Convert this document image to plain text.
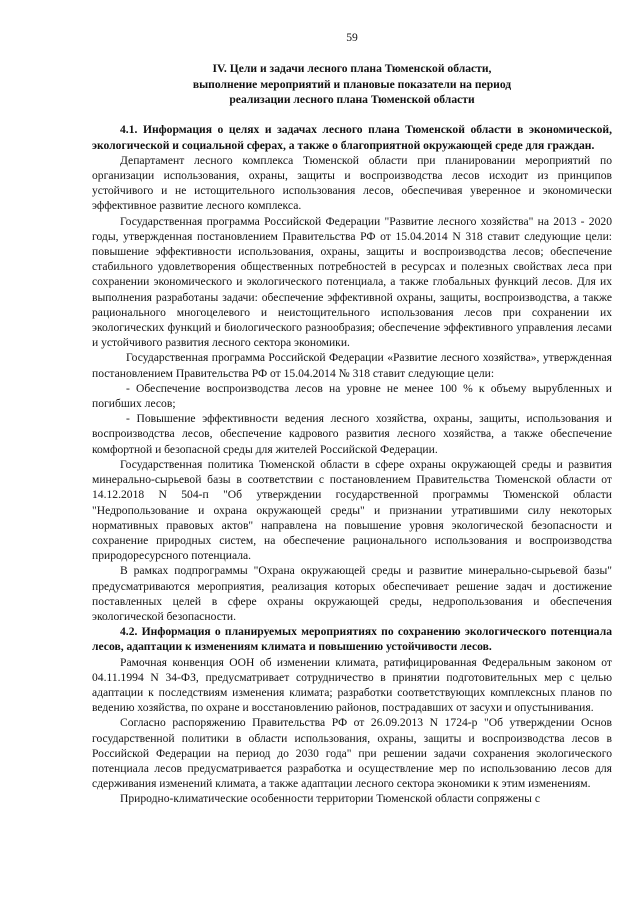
59
IV. Цели и задачи лесного плана Тюменской области,
выполнение мероприятий и плановые показатели на период
реализации лесного плана Тюменской области

4.1. Информация о целях и задачах лесного плана Тюменской области в экономической, экологической и социальной сферах, а также о благоприятной окружающей среде для граждан.

Департамент лесного комплекса Тюменской области при планировании мероприятий по организации использования, охраны, защиты и воспроизводства лесов исходит из принципов устойчивого и не истощительного использования лесов, обеспечивая уверенное и экономически эффективное развитие лесного комплекса.

Государственная программа Российской Федерации "Развитие лесного хозяйства" на 2013 - 2020 годы, утвержденная постановлением Правительства РФ от 15.04.2014 N 318 ставит следующие цели: повышение эффективности использования, охраны, защиты и воспроизводства лесов; обеспечение стабильного удовлетворения общественных потребностей в ресурсах и полезных свойствах леса при сохранении экономического и экологического потенциала, а также глобальных функций лесов. Для их выполнения разработаны задачи: обеспечение эффективной охраны, защиты, воспроизводства, а также рационального многоцелевого и неистощительного использования лесов при сохранении их экологических функций и биологического разнообразия; обеспечение эффективного управления лесами и устойчивого развития лесного сектора экономики.

Государственная программа Российской Федерации «Развитие лесного хозяйства», утвержденная постановлением Правительства РФ от 15.04.2014 № 318 ставит следующие цели:

- Обеспечение воспроизводства лесов на уровне не менее 100 % к объему вырубленных и погибших лесов;

- Повышение эффективности ведения лесного хозяйства, охраны, защиты, использования и воспроизводства лесов, обеспечение кадрового развития лесного хозяйства, а также обеспечение комфортной и безопасной среды для жителей Российской Федерации.

Государственная политика Тюменской области в сфере охраны окружающей среды и развития минерально-сырьевой базы в соответствии с постановлением Правительства Тюменской области от 14.12.2018 N 504-п "Об утверждении государственной программы Тюменской области "Недропользование и охрана окружающей среды" и признании утратившими силу некоторых нормативных правовых актов" направлена на повышение уровня экологической безопасности и сохранение природных систем, на обеспечение рационального использования и воспроизводства природоресурсного потенциала.

В рамках подпрограммы "Охрана окружающей среды и развитие минерально-сырьевой базы" предусматриваются мероприятия, реализация которых обеспечивает решение задач и достижение поставленных целей в сфере охраны окружающей среды, недропользования и обеспечения экологической безопасности.

4.2. Информация о планируемых мероприятиях по сохранению экологического потенциала лесов, адаптации к изменениям климата и повышению устойчивости лесов.

Рамочная конвенция ООН об изменении климата, ратифицированная Федеральным законом от 04.11.1994 N 34-ФЗ, предусматривает сотрудничество в принятии подготовительных мер с целью адаптации к последствиям изменения климата; разработки соответствующих комплексных планов по ведению хозяйства, по охране и восстановлению районов, пострадавших от засухи и опустынивания.

Согласно распоряжению Правительства РФ от 26.09.2013 N 1724-р "Об утверждении Основ государственной политики в области использования, охраны, защиты и воспроизводства лесов в Российской Федерации на период до 2030 года" при решении задачи сохранения экологического потенциала лесов предусматривается разработка и осуществление мер по использованию лесов для сдерживания изменений климата, а также адаптации лесного сектора экономики к этим изменениям.

Природно-климатические особенности территории Тюменской области сопряжены с
